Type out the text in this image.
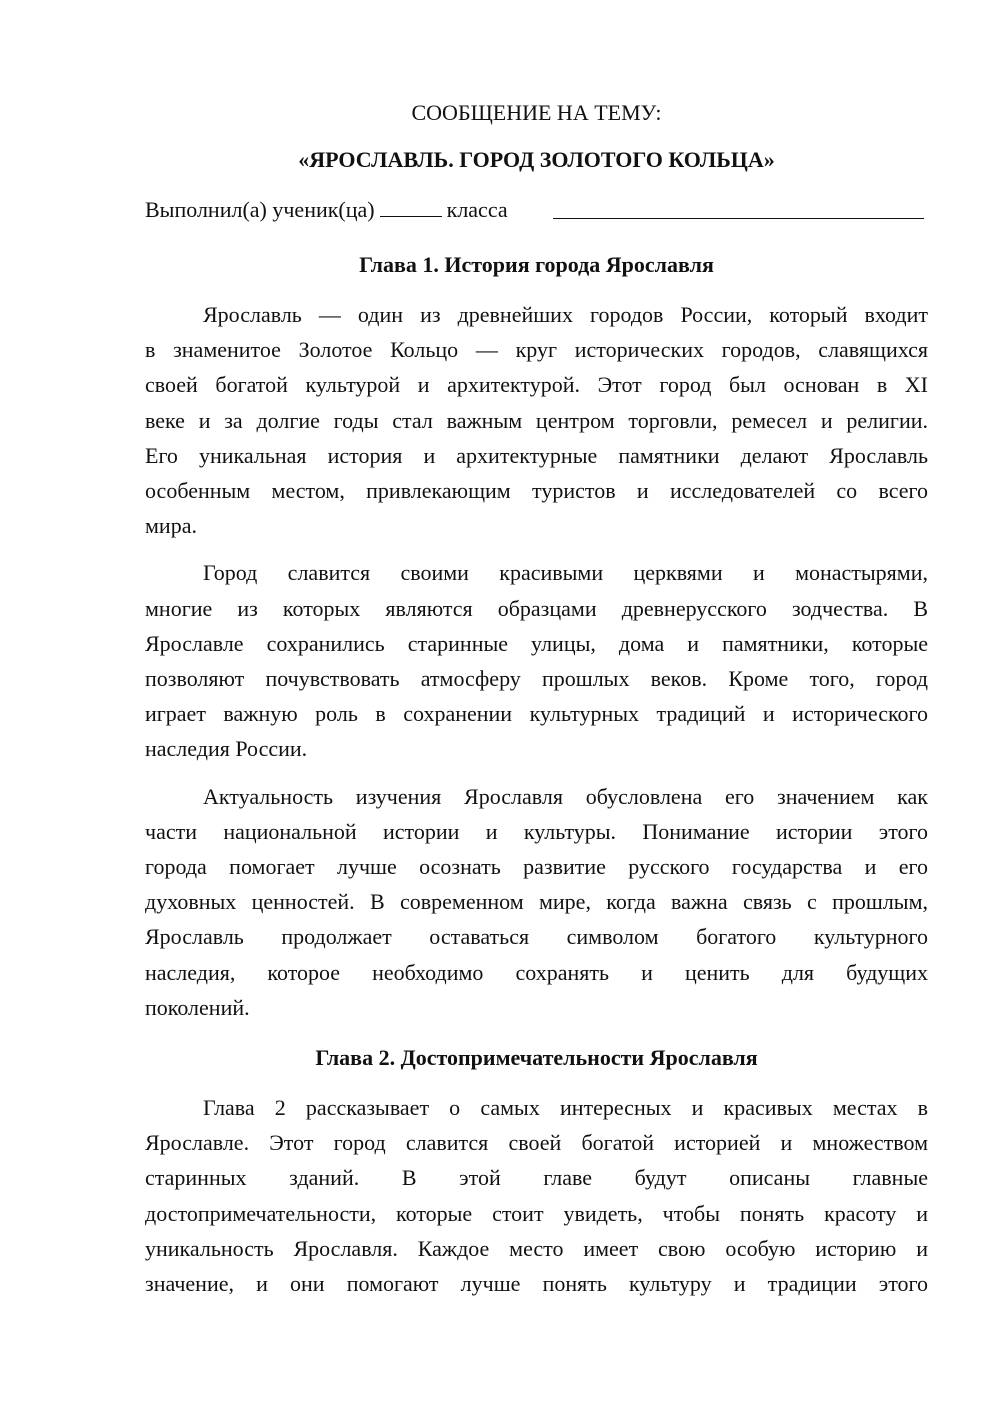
СООБЩЕНИЕ НА ТЕМУ:
«ЯРОСЛАВЛЬ. ГОРОД ЗОЛОТОГО КОЛЬЦА»
Выполнил(а) ученик(ца)	класса
Глава 1. История города Ярославля
Ярославль — один из древнейших городов России, который входит
в знаменитое Золотое Кольцо — круг исторических городов, славящихся
своей богатой культурой и архитектурой. Этот город был основан в XI
веке и за долгие годы стал важным центром торговли, ремесел и религии.
Его уникальная история и архитектурные памятники делают Ярославль
особенным местом, привлекающим туристов и исследователей со всего
мира.
Город славится своими красивыми церквями и монастырями,
многие из которых являются образцами древнерусского зодчества. В
Ярославле сохранились старинные улицы, дома и памятники, которые
позволяют почувствовать атмосферу прошлых веков. Кроме того, город
играет важную роль в сохранении культурных традиций и исторического
наследия России.
Актуальность изучения Ярославля обусловлена его значением как
части национальной истории и культуры. Понимание истории этого
города помогает лучше осознать развитие русского государства и его
духовных ценностей. В современном мире, когда важна связь с прошлым,
Ярославль продолжает оставаться символом богатого культурного
наследия, которое необходимо сохранять и ценить для будущих
поколений.
Глава 2. Достопримечательности Ярославля
Глава 2 рассказывает о самых интересных и красивых местах в
Ярославле. Этот город славится своей богатой историей и множеством
старинных зданий. В этой главе будут описаны главные
достопримечательности, которые стоит увидеть, чтобы понять красоту и
уникальность Ярославля. Каждое место имеет свою особую историю и
значение, и они помогают лучше понять культуру и традиции этого
